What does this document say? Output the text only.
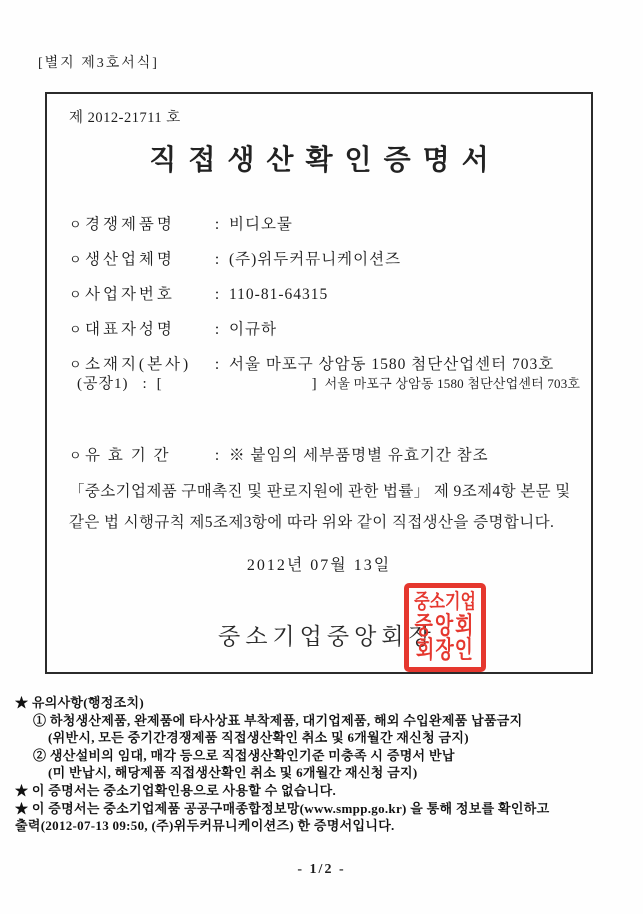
[별지 제3호서식]
제 2012-21711 호
직접생산확인증명서
ㅇ 경쟁제품명	: 비디오물
ㅇ 생산업체명	: (주)위두커뮤니케이션즈
ㅇ 사업자번호	: 110-81-64315
ㅇ 대표자성명	: 이규하
ㅇ 소재지(본사)	: 서울 마포구 상암동 1580 첨단산업센터 703호
(공장1) : [	] 서울 마포구 상암동 1580 첨단산업센터 703호
ㅇ 유 효 기 간	: ※ 붙임의 세부품명별 유효기간 참조
「중소기업제품 구매촉진 및 판로지원에 관한 법률」 제 9조제4항 본문 및
같은 법 시행규칙 제5조제3항에 따라 위와 같이 직접생산을 증명합니다.
2012년 07월 13일
중소기업중앙회장
중소기업
중앙회
회장인
★ 유의사항(행정조치)
① 하청생산제품, 완제품에 타사상표 부착제품, 대기업제품, 해외 수입완제품 납품금지
(위반시, 모든 중기간경쟁제품 직접생산확인 취소 및 6개월간 재신청 금지)
② 생산설비의 임대, 매각 등으로 직접생산확인기준 미충족 시 증명서 반납
(미 반납시, 해당제품 직접생산확인 취소 및 6개월간 재신청 금지)
★ 이 증명서는 중소기업확인용으로 사용할 수 없습니다.
★ 이 증명서는 중소기업제품 공공구매종합정보망(www.smpp.go.kr) 을 통해 정보를 확인하고
출력(2012-07-13 09:50, (주)위두커뮤니케이션즈) 한 증명서입니다.
- 1/2 -
